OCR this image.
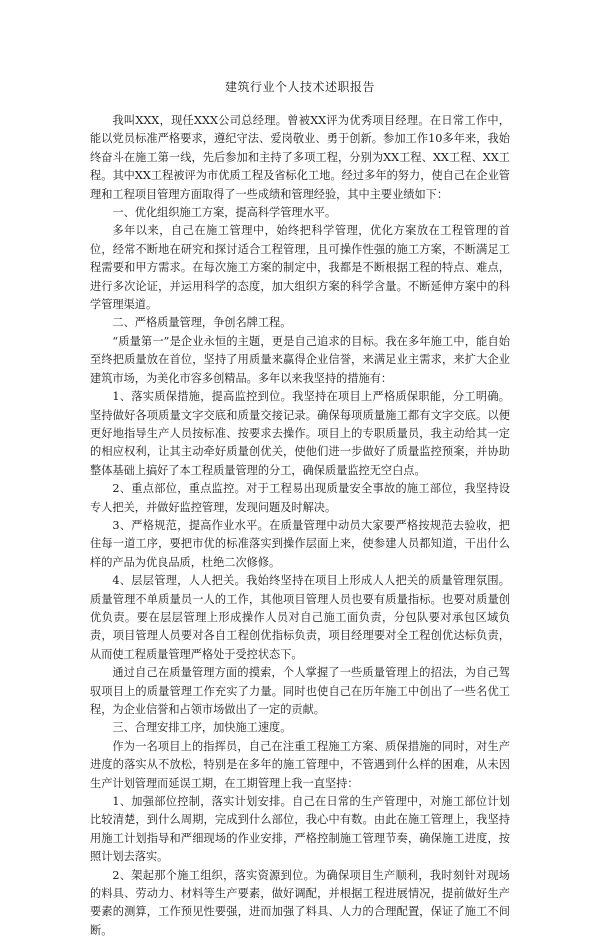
建筑行业个人技术述职报告

我叫XXX，现任XXX公司总经理。曾被XX评为优秀项目经理。在日常工作中，能以党员标准严格要求，遵纪守法、爱岗敬业、勇于创新。参加工作10多年来，我始终奋斗在施工第一线，先后参加和主持了多项工程，分别为XX工程、XX工程、XX工程。其中XX工程被评为市优质工程及省标化工地。经过多年的努力，使自己在企业管理和工程项目管理方面取得了一些成绩和管理经验，其中主要业绩如下：

一、优化组织施工方案，提高科学管理水平。

多年以来，自己在施工管理中，始终把科学管理，优化方案放在工程管理的首位，经常不断地在研究和探讨适合工程管理，且可操作性强的施工方案，不断满足工程需要和甲方需求。在每次施工方案的制定中，我都是不断根据工程的特点、难点，进行多次论证，并运用科学的态度，加大组织方案的科学含量。不断延伸方案中的科学管理渠道。

二、严格质量管理，争创名牌工程。

“质量第一”是企业永恒的主题，更是自己追求的目标。我在多年施工中，能自始至终把质量放在首位，坚持了用质量来赢得企业信誉，来满足业主需求，来扩大企业建筑市场，为美化市容多创精品。多年以来我坚持的措施有：

1、落实质保措施，提高监控到位。我坚持在项目上严格质保职能，分工明确。坚持做好各项质量文字交底和质量交接记录。确保每项质量施工都有文字交底。以便更好地指导生产人员按标准、按要求去操作。项目上的专职质量员，我主动给其一定的相应权利，让其主动牵好质量创优关，使他们进一步做好了质量监控预案，并协助整体基础上搞好了本工程质量管理的分工，确保质量监控无空白点。

2、重点部位，重点监控。对于工程易出现质量安全事故的施工部位，我坚持设专人把关，并做好监控管理，发现问题及时解决。

3、严格规范，提高作业水平。在质量管理中动员大家要严格按规范去验收，把住每一道工序，要把市优的标准落实到操作层面上来，使参建人员都知道，干出什么样的产品为优良品质，杜绝二次修修。

4、层层管理，人人把关。我始终坚持在项目上形成人人把关的质量管理氛围。质量管理不单质量员一人的工作，其他项目管理人员也要有质量指标。也要对质量创优负责。要在层层管理上形成操作人员对自己施工面负责，分包队要对承包区域负责，项目管理人员要对各自工程创优指标负责，项目经理要对全工程创优达标负责，从而使工程质量管理严格处于受控状态下。

通过自己在质量管理方面的摸索，个人掌握了一些质量管理上的招法，为自己驾驭项目上的质量管理工作充实了力量。同时也使自己在历年施工中创出了一些名优工程，为企业信誉和占领市场做出了一定的贡献。

三、合理安排工序，加快施工速度。

作为一名项目上的指挥员，自己在注重工程施工方案、质保措施的同时，对生产进度的落实从不放松，特别是在多年的施工管理中，不管遇到什么样的困难，从未因生产计划管理而延误工期，在工期管理上我一直坚持：

1、加强部位控制，落实计划安排。自己在日常的生产管理中，对施工部位计划比较清楚，到什么周期，完成到什么部位，我心中有数。由此在施工管理上，我坚持用施工计划指导和严细现场的作业安排，严格控制施工管理节奏，确保施工进度，按照计划去落实。

2、架起那个施工组织，落实资源到位。为确保项目生产顺利，我时刻针对现场的料具、劳动力、材料等生产要素，做好调配，并根据工程进展情况，提前做好生产要素的测算，工作预见性要强，进而加强了料具、人力的合理配置，保证了施工不间断。
